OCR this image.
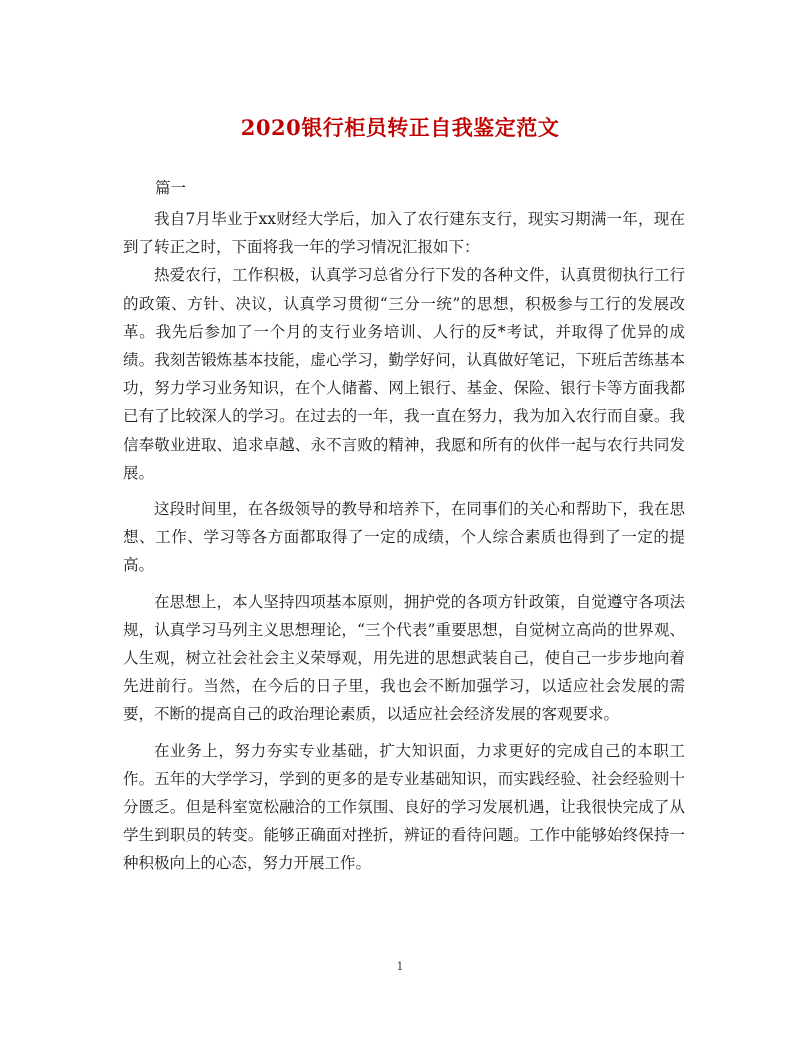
2020银行柜员转正自我鉴定范文
篇一

我自7月毕业于xx财经大学后，加入了农行建东支行，现实习期满一年，现在到了转正之时，下面将我一年的学习情况汇报如下：

热爱农行，工作积极，认真学习总省分行下发的各种文件，认真贯彻执行工行的政策、方针、决议，认真学习贯彻“三分一统”的思想，积极参与工行的发展改革。我先后参加了一个月的支行业务培训、人行的反*考试，并取得了优异的成绩。我刻苦锻炼基本技能，虚心学习，勤学好问，认真做好笔记，下班后苦练基本功，努力学习业务知识，在个人储蓄、网上银行、基金、保险、银行卡等方面我都已有了比较深人的学习。在过去的一年，我一直在努力，我为加入农行而自豪。我信奉敬业进取、追求卓越、永不言败的精神，我愿和所有的伙伴一起与农行共同发展。

这段时间里，在各级领导的教导和培养下，在同事们的关心和帮助下，我在思想、工作、学习等各方面都取得了一定的成绩，个人综合素质也得到了一定的提高。

在思想上，本人坚持四项基本原则，拥护党的各项方针政策，自觉遵守各项法规，认真学习马列主义思想理论，“三个代表”重要思想，自觉树立高尚的世界观、人生观，树立社会社会主义荣辱观，用先进的思想武装自己，使自己一步步地向着先进前行。当然，在今后的日子里，我也会不断加强学习，以适应社会发展的需要，不断的提高自己的政治理论素质，以适应社会经济发展的客观要求。

在业务上，努力夯实专业基础，扩大知识面，力求更好的完成自己的本职工作。五年的大学学习，学到的更多的是专业基础知识，而实践经验、社会经验则十分匮乏。但是科室宽松融洽的工作氛围、良好的学习发展机遇，让我很快完成了从学生到职员的转变。能够正确面对挫折，辨证的看待问题。工作中能够始终保持一种积极向上的心态，努力开展工作。

1
